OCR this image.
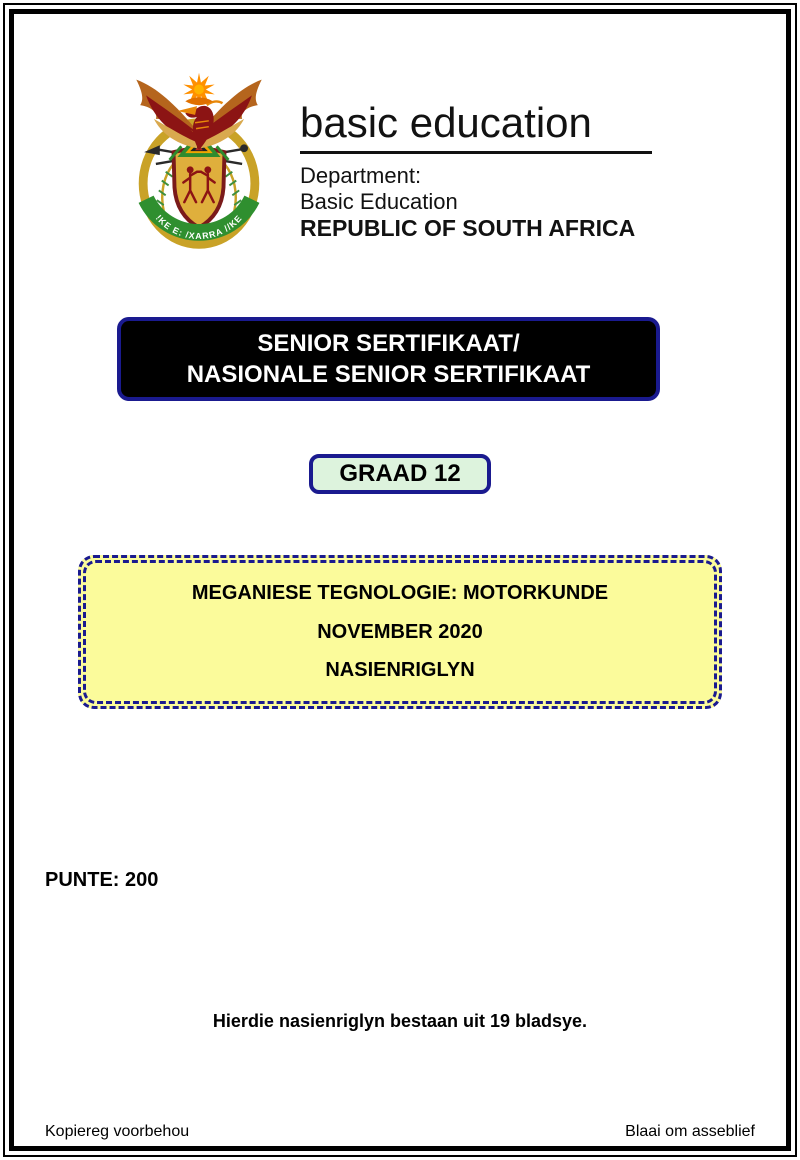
!KE E: /XARRA //KE
basic education
Department:
Basic Education
REPUBLIC OF SOUTH AFRICA
SENIOR SERTIFIKAAT/
NASIONALE SENIOR SERTIFIKAAT
GRAAD 12
MEGANIESE TEGNOLOGIE: MOTORKUNDE
NOVEMBER 2020
NASIENRIGLYN
PUNTE: 200
Hierdie nasienriglyn bestaan uit 19 bladsye.
Kopiereg voorbehou	Blaai om asseblief
